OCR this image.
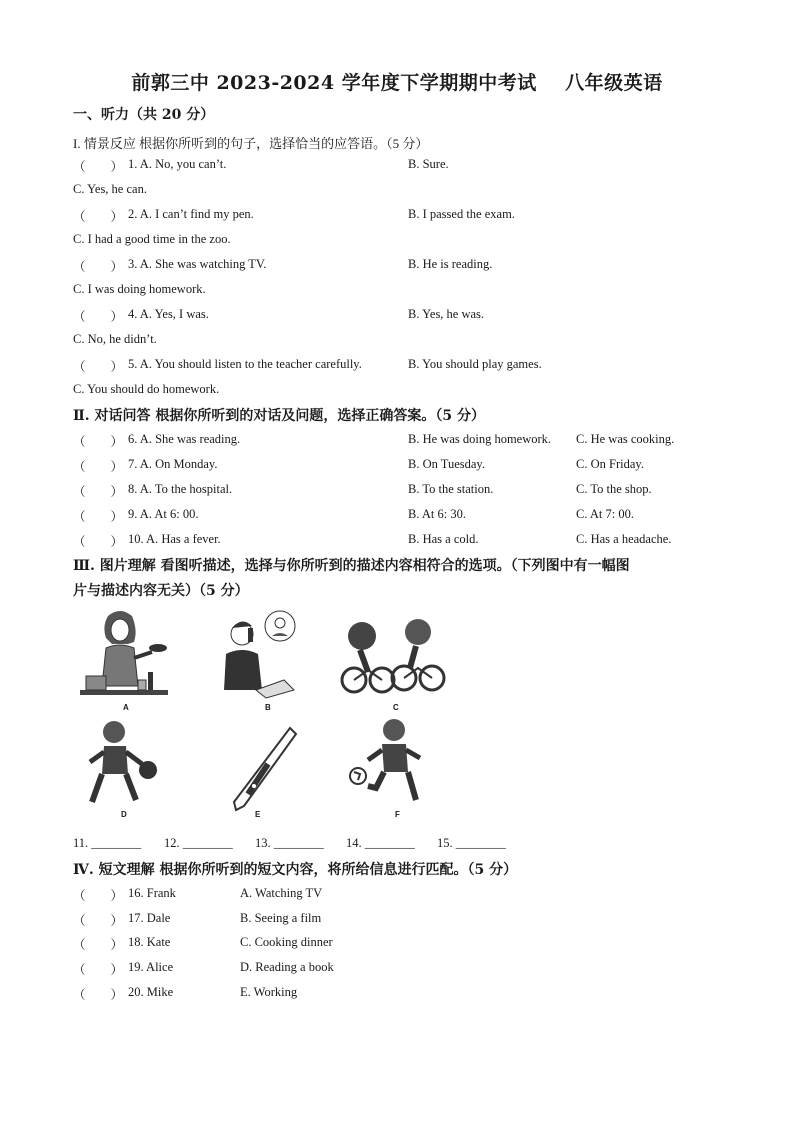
前郭三中 2023-2024 学年度下学期期中考试    八年级英语
一、听力（共 20 分）
I. 情景反应 根据你所听到的句子，选择恰当的应答语。（5 分）
（        ） 1. A. No, you can’t.	B. Sure.
C. Yes, he can.
（        ） 2. A. I can’t find my pen.	B. I passed the exam.
C. I had a good time in the zoo.
（        ） 3. A. She was watching TV.	B. He is reading.
C. I was doing homework.
（        ） 4. A. Yes, I was.	B. Yes, he was.
C. No, he didn’t.
（        ） 5. A. You should listen to the teacher carefully.	B. You should play games.
C. You should do homework.
Ⅱ. 对话问答 根据你所听到的对话及问题，选择正确答案。（5 分）
（        ） 6. A. She was reading.	B. He was doing homework. C. He was cooking.
（        ） 7. A. On Monday.	B. On Tuesday.	C. On Friday.
（        ） 8. A. To the hospital.	B. To the station.	C. To the shop.
（        ） 9. A. At 6: 00.	B. At 6: 30.	C. At 7: 00.
（        ） 10. A. Has a fever.	B. Has a cold.	C. Has a headache.
Ⅲ. 图片理解 看图听描述，选择与你所听到的描述内容相符合的选项。（下列图中有一幅图
片与描述内容无关）（5 分）
A	B	C
D	E	F
11. ________ 12. ________ 13. ________ 14. ________ 15. ________
Ⅳ. 短文理解 根据你所听到的短文内容，将所给信息进行匹配。（5 分）
（        ） 16. Frank	A. Watching TV
（        ） 17. Dale	B. Seeing a film
（        ） 18. Kate	C. Cooking dinner
（        ） 19. Alice	D. Reading a book
（        ） 20. Mike	E. Working
